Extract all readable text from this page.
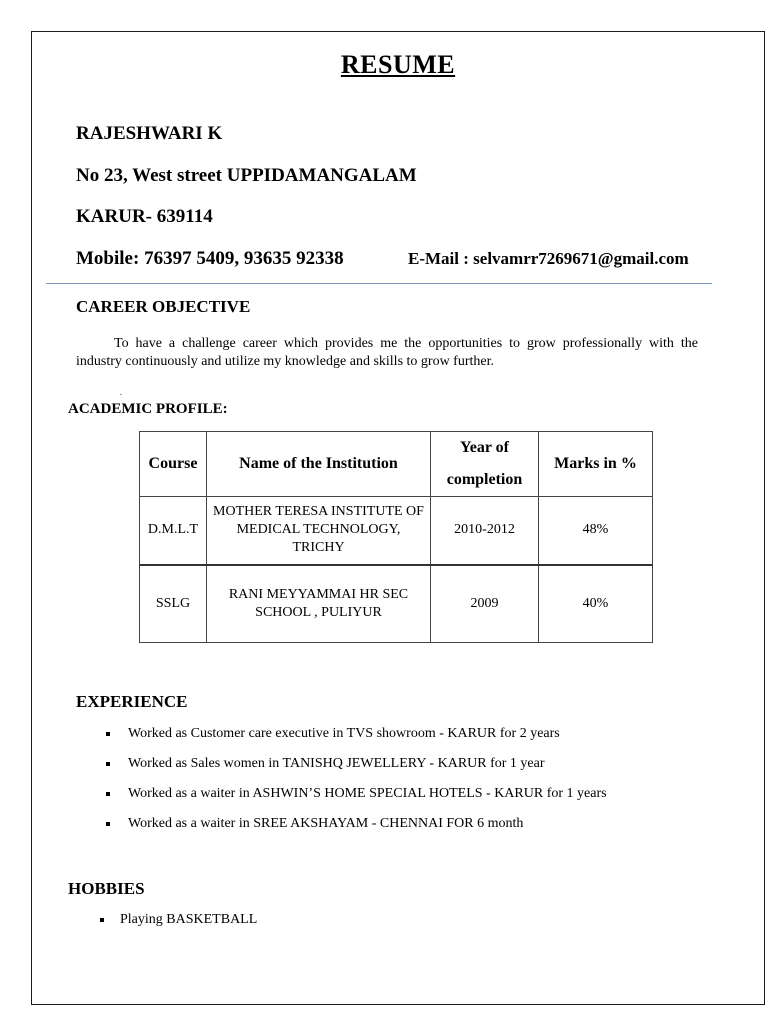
RESUME
RAJESHWARI K
No 23, West street UPPIDAMANGALAM
KARUR- 639114
Mobile: 76397 5409, 93635 92338	E-Mail : selvamrr7269671@gmail.com
CAREER OBJECTIVE
To have a challenge career which provides me the opportunities to grow professionally with the industry continuously and utilize my knowledge and skills to grow further.
.
ACADEMIC PROFILE:
Course	Name of the Institution	Year of completion	Marks in %
D.M.L.T	MOTHER TERESA INSTITUTE OF MEDICAL TECHNOLOGY, TRICHY	2010-2012	48%
SSLG	RANI MEYYAMMAI HR SEC SCHOOL , PULIYUR	2009	40%
EXPERIENCE
Worked as Customer care executive in TVS showroom - KARUR for 2 years
Worked as Sales women in TANISHQ JEWELLERY - KARUR for 1 year
Worked as a waiter in ASHWIN’S HOME SPECIAL HOTELS - KARUR for 1 years
Worked as a waiter in SREE AKSHAYAM - CHENNAI FOR 6 month
HOBBIES
Playing BASKETBALL
